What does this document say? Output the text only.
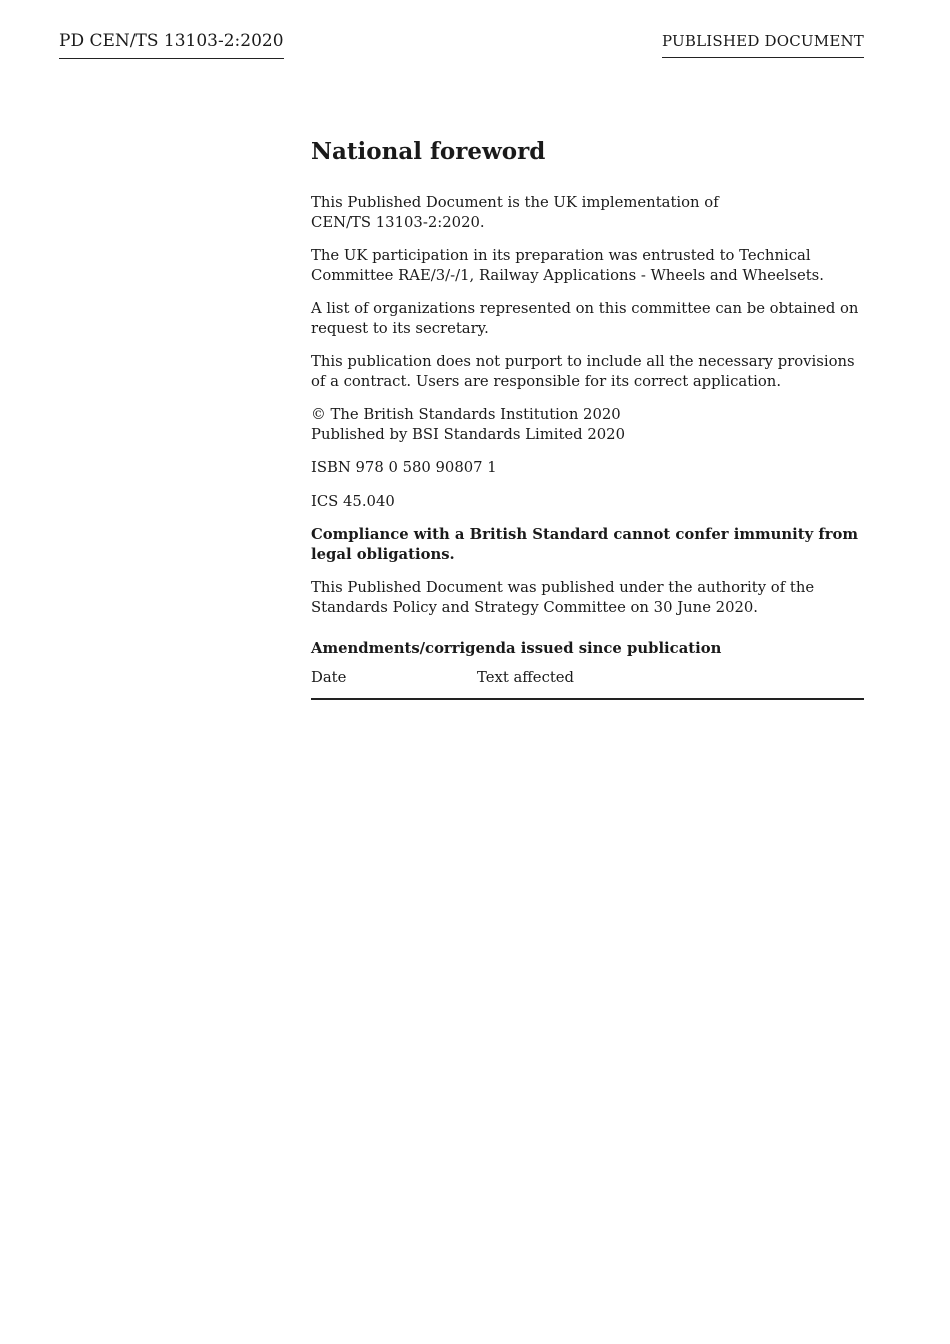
PD CEN/TS 13103-2:2020	PUBLISHED DOCUMENT
National foreword

This Published Document is the UK implementation of
CEN/TS 13103-2:2020.

The UK participation in its preparation was entrusted to Technical
Committee RAE/3/-/1, Railway Applications - Wheels and Wheelsets.

A list of organizations represented on this committee can be obtained on
request to its secretary.

This publication does not purport to include all the necessary provisions
of a contract. Users are responsible for its correct application.

© The British Standards Institution 2020
Published by BSI Standards Limited 2020

ISBN 978 0 580 90807 1

ICS 45.040

Compliance with a British Standard cannot confer immunity from
legal obligations.

This Published Document was published under the authority of the
Standards Policy and Strategy Committee on 30 June 2020.

Amendments/corrigenda issued since publication
Date	Text affected
